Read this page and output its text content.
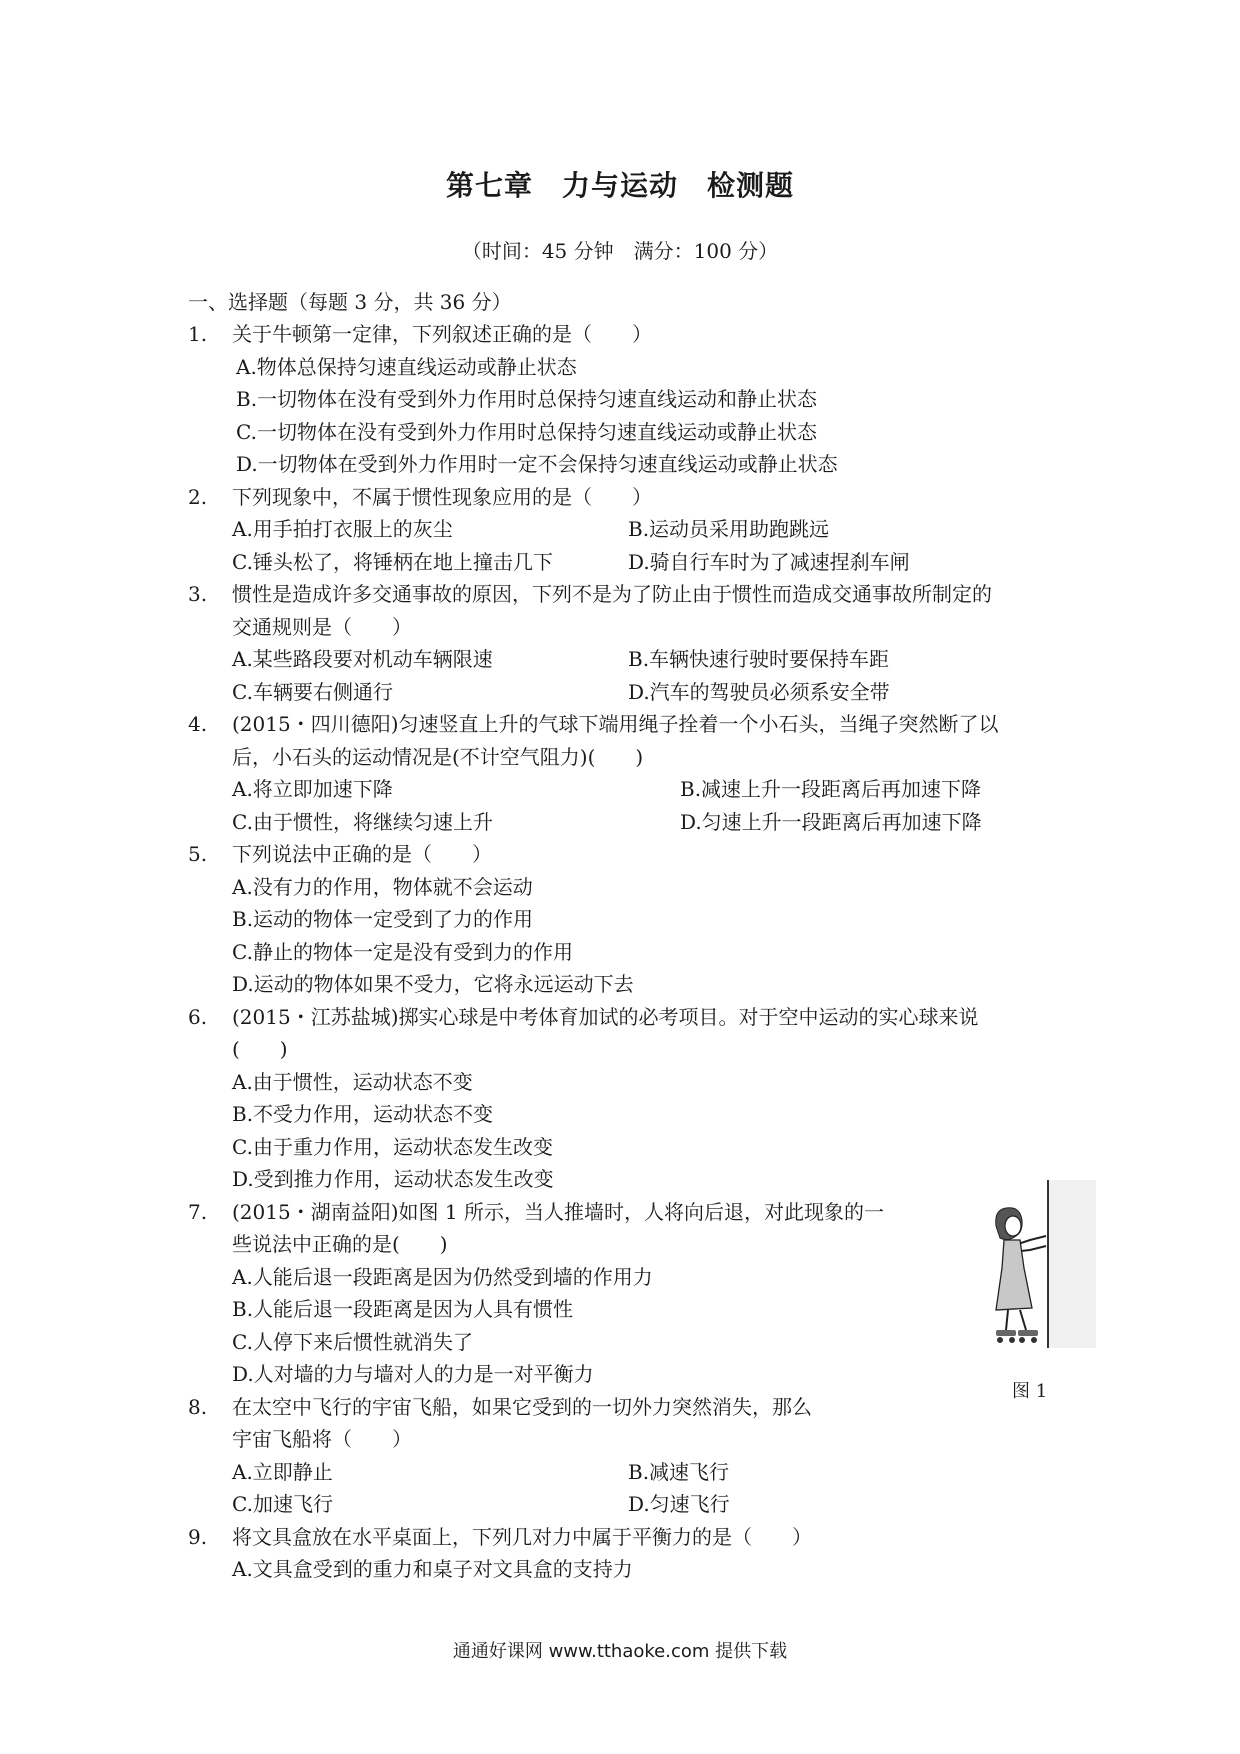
第七章　力与运动　检测题
（时间：45 分钟　满分：100 分）
一、选择题（每题 3 分，共 36 分）
1.	关于牛顿第一定律，下列叙述正确的是（　　）
A.物体总保持匀速直线运动或静止状态
B.一切物体在没有受到外力作用时总保持匀速直线运动和静止状态
C.一切物体在没有受到外力作用时总保持匀速直线运动或静止状态
D.一切物体在受到外力作用时一定不会保持匀速直线运动或静止状态
2.	下列现象中，不属于惯性现象应用的是（　　）
A.用手拍打衣服上的灰尘	B.运动员采用助跑跳远
C.锤头松了，将锤柄在地上撞击几下	D.骑自行车时为了减速捏刹车闸
3.	惯性是造成许多交通事故的原因，下列不是为了防止由于惯性而造成交通事故所制定的
交通规则是（　　）
A.某些路段要对机动车辆限速	B.车辆快速行驶时要保持车距
C.车辆要右侧通行	D.汽车的驾驶员必须系安全带
4.	(2015・四川德阳)匀速竖直上升的气球下端用绳子拴着一个小石头，当绳子突然断了以
后，小石头的运动情况是(不计空气阻力)(　　)
A.将立即加速下降	B.减速上升一段距离后再加速下降
C.由于惯性，将继续匀速上升	D.匀速上升一段距离后再加速下降
5.	下列说法中正确的是（　　）
A.没有力的作用，物体就不会运动
B.运动的物体一定受到了力的作用
C.静止的物体一定是没有受到力的作用
D.运动的物体如果不受力，它将永远运动下去
6.	(2015・江苏盐城)掷实心球是中考体育加试的必考项目。对于空中运动的实心球来说
(　　)
A.由于惯性，运动状态不变
B.不受力作用，运动状态不变
C.由于重力作用，运动状态发生改变
D.受到推力作用，运动状态发生改变
7.	(2015・湖南益阳)如图 1 所示，当人推墙时，人将向后退，对此现象的一
些说法中正确的是(　　)
A.人能后退一段距离是因为仍然受到墙的作用力
B.人能后退一段距离是因为人具有惯性
C.人停下来后惯性就消失了
D.人对墙的力与墙对人的力是一对平衡力
8.	在太空中飞行的宇宙飞船，如果它受到的一切外力突然消失，那么
宇宙飞船将（　　）
A.立即静止	B.减速飞行
C.加速飞行	D.匀速飞行
9.	将文具盒放在水平桌面上，下列几对力中属于平衡力的是（　　）
A.文具盒受到的重力和桌子对文具盒的支持力
图 1
通通好课网 www.tthaoke.com 提供下载
